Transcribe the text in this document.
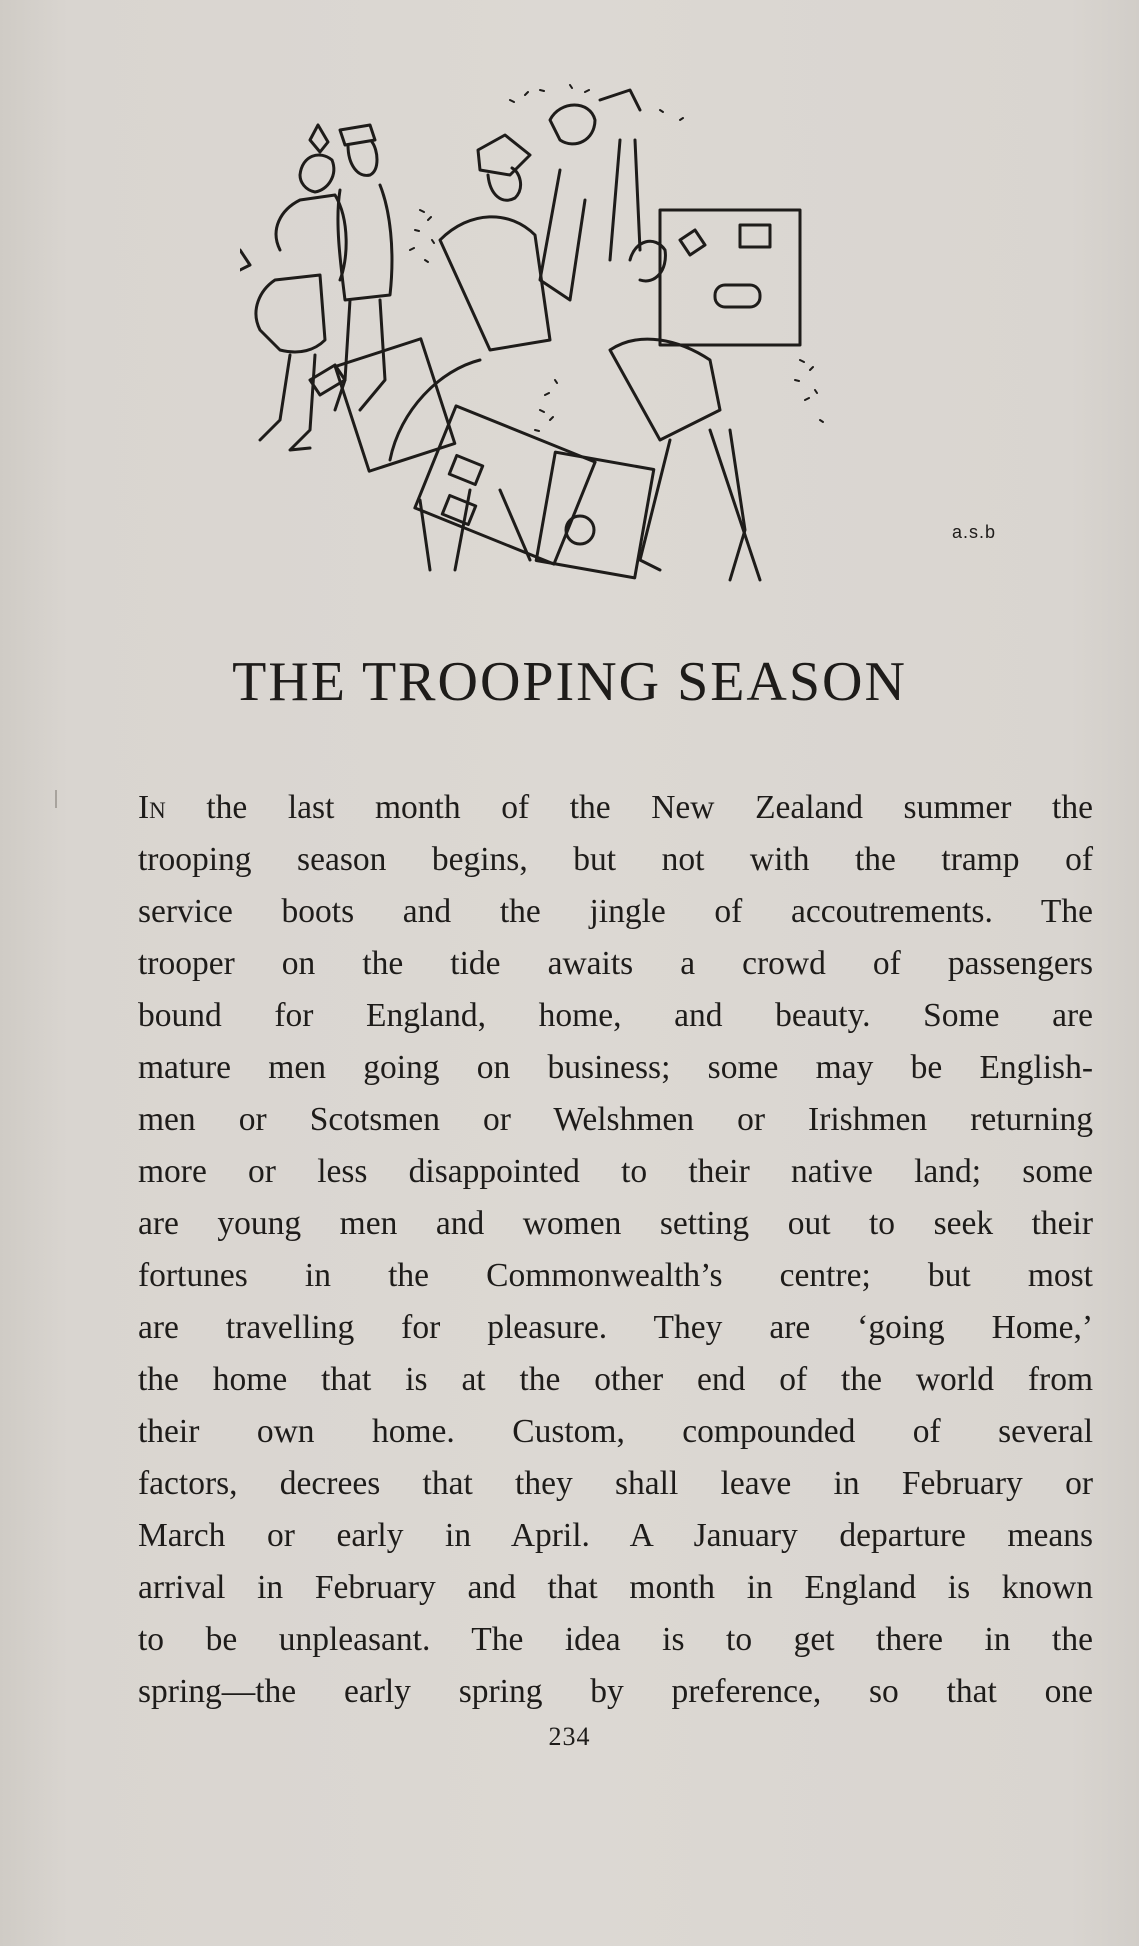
a.s.b
THE TROOPING SEASON
In the last month of the New Zealand summer the
trooping season begins, but not with the tramp of
service boots and the jingle of accoutrements. The
trooper on the tide awaits a crowd of passengers
bound for England, home, and beauty. Some are
mature men going on business; some may be English-
men or Scotsmen or Welshmen or Irishmen returning
more or less disappointed to their native land; some
are young men and women setting out to seek their
fortunes in the Commonwealth’s centre; but most
are travelling for pleasure. They are ‘going Home,’
the home that is at the other end of the world from
their own home. Custom, compounded of several
factors, decrees that they shall leave in February or
March or early in April. A January departure means
arrival in February and that month in England is known
to be unpleasant. The idea is to get there in the
spring—the early spring by preference, so that one
234
